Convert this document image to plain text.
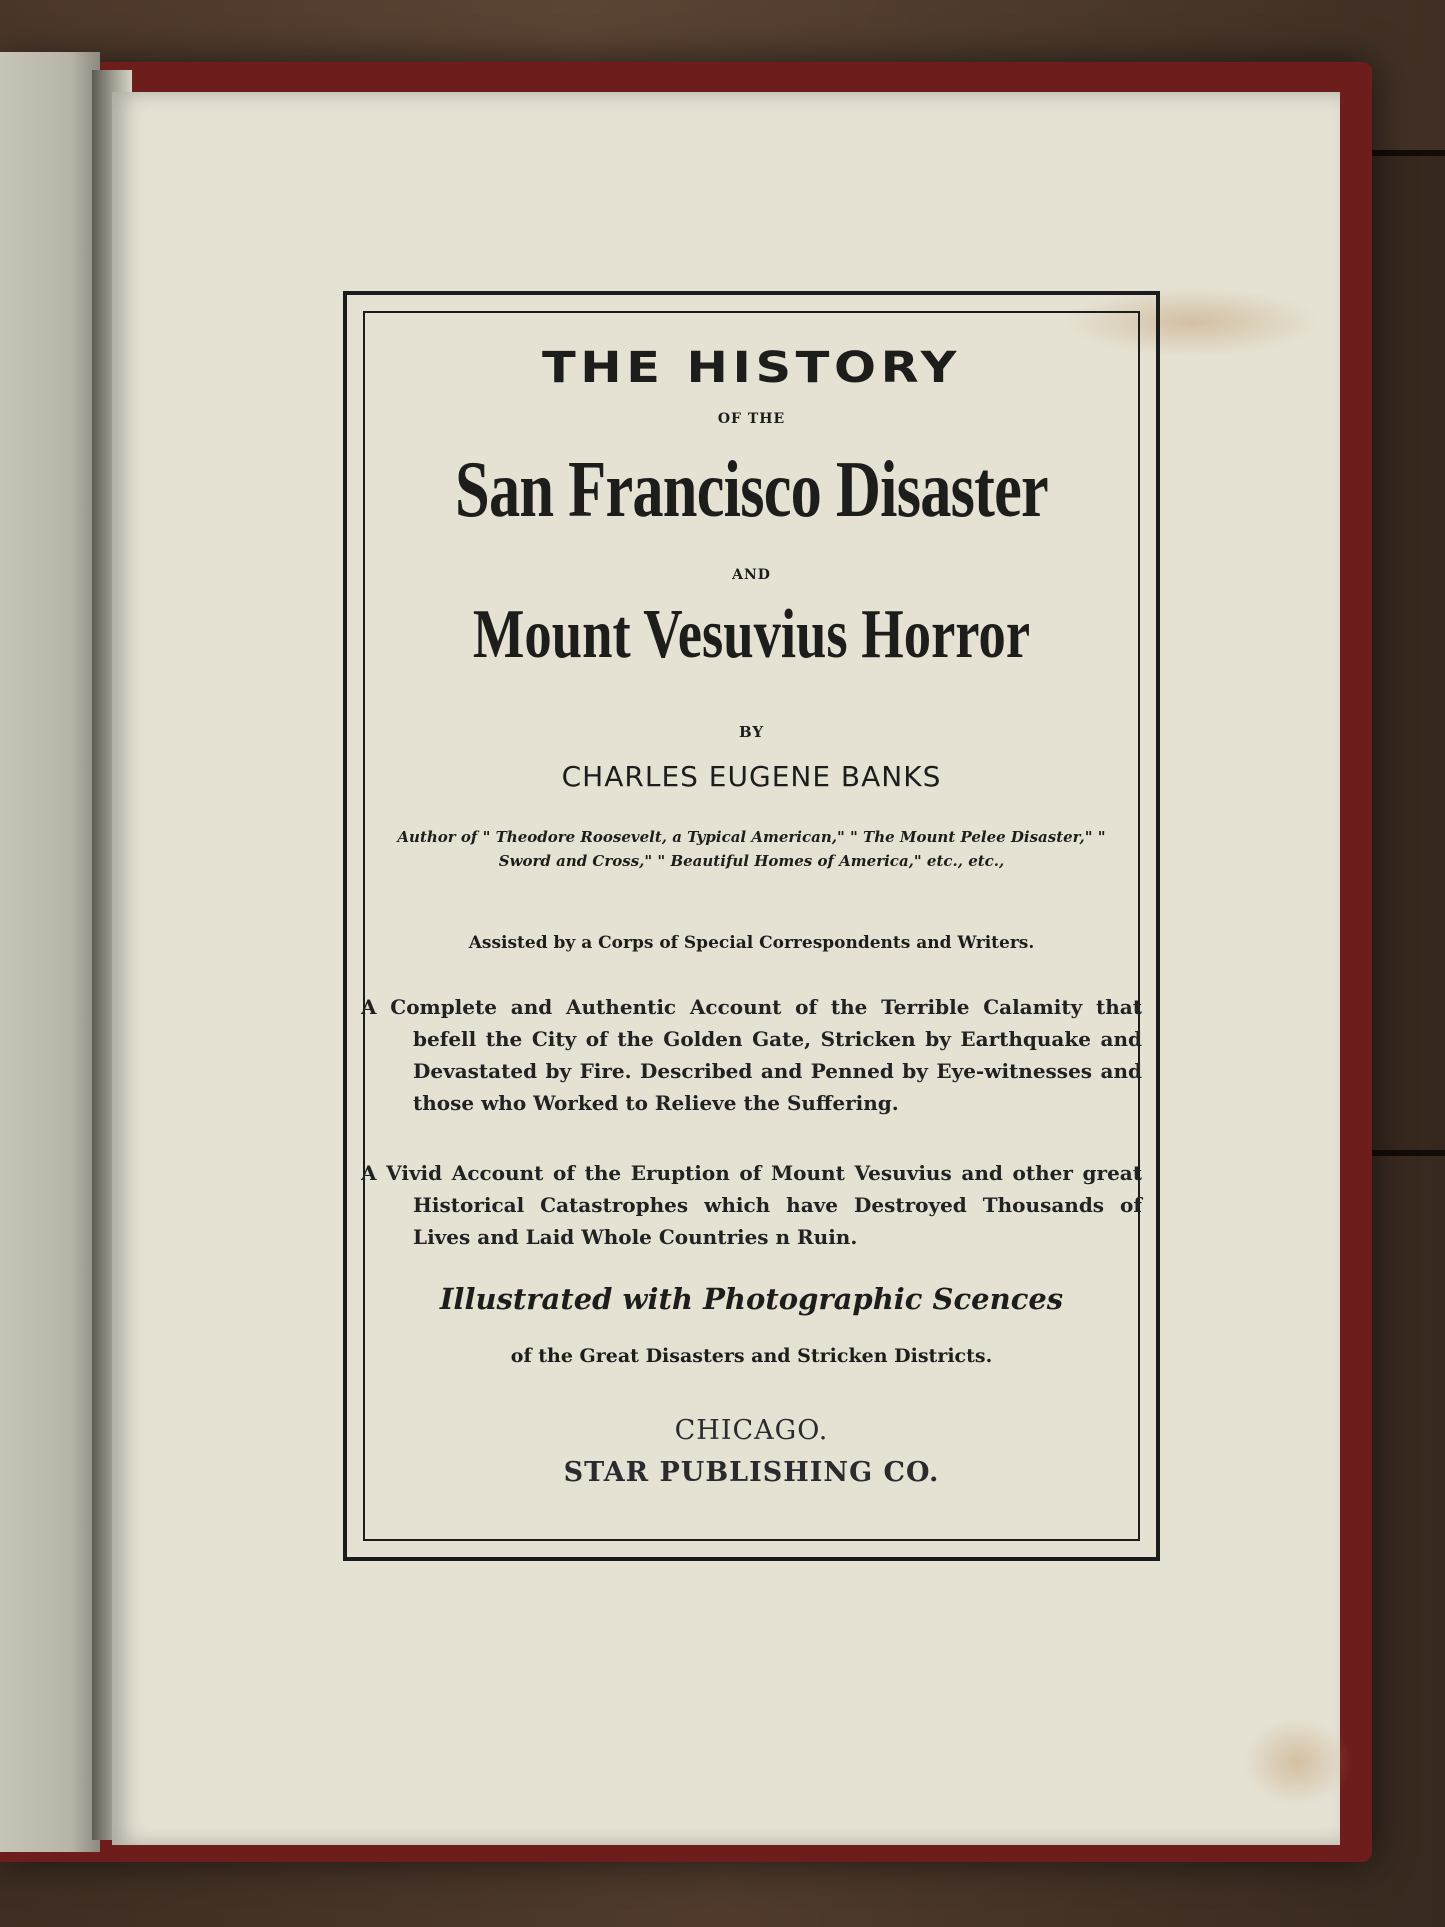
THE HISTORY
OF THE
San Francisco Disaster
AND
Mount Vesuvius Horror
BY
CHARLES EUGENE BANKS
Author of " Theodore Roosevelt, a Typical American," " The Mount Pelee Disaster," " Sword and Cross," " Beautiful Homes of America," etc., etc.,
Assisted by a Corps of Special Correspondents and Writers.
A Complete and Authentic Account of the Terrible Calamity that befell the City of the Golden Gate, Stricken by Earthquake and Devastated by Fire. Described and Penned by Eye-witnesses and those who Worked to Relieve the Suffering.
A Vivid Account of the Eruption of Mount Vesuvius and other great Historical Catastrophes which have Destroyed Thousands of Lives and Laid Whole Countries n Ruin.
Illustrated with Photographic Scences
of the Great Disasters and Stricken Districts.
CHICAGO.
STAR PUBLISHING CO.
